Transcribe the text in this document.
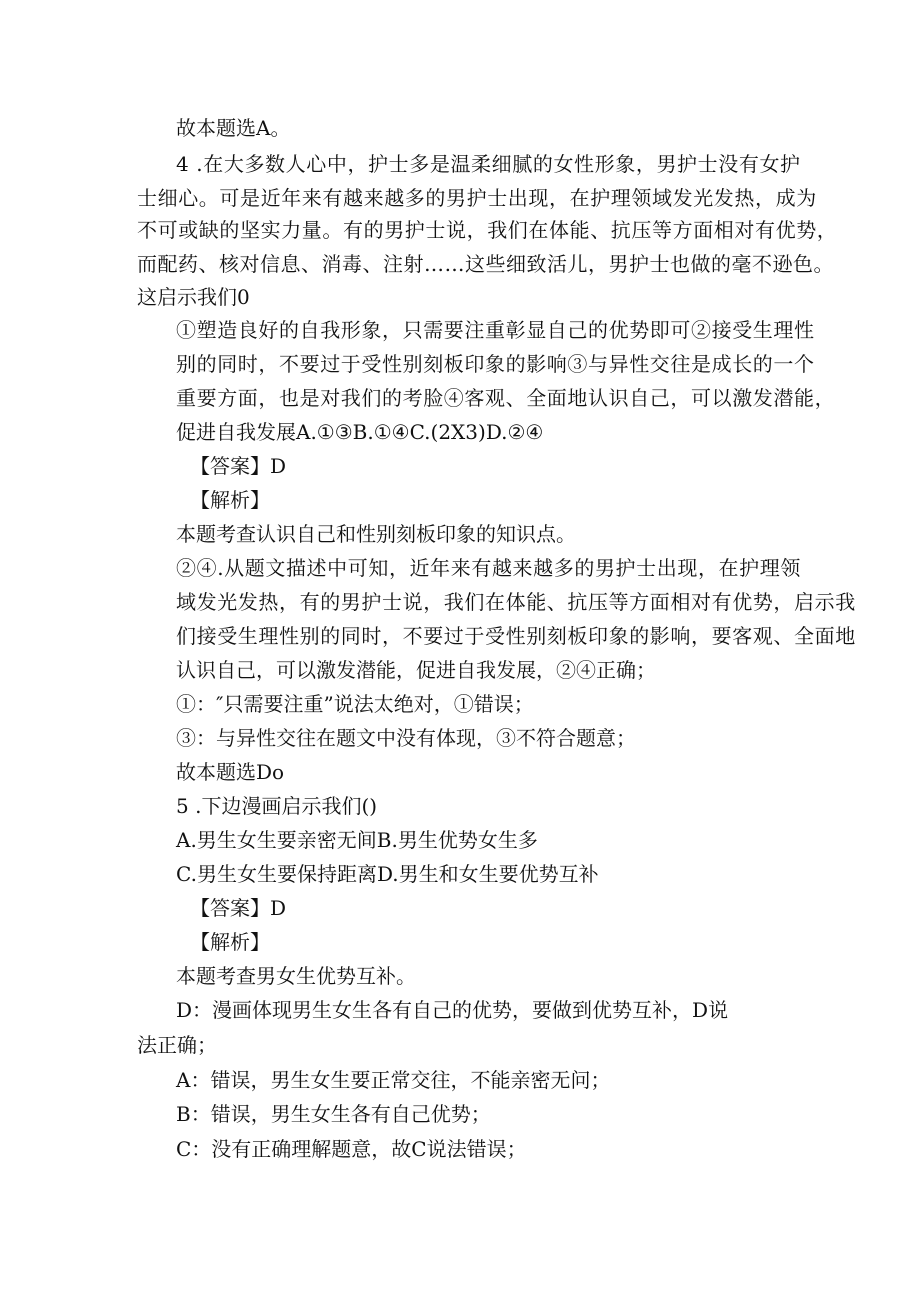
故本题选A。
4 .在大多数人心中，护士多是温柔细腻的女性形象，男护士没有女护
士细心。可是近年来有越来越多的男护士出现，在护理领域发光发热，成为
不可或缺的坚实力量。有的男护士说，我们在体能、抗压等方面相对有优势，
而配药、核对信息、消毒、注射……这些细致活儿，男护士也做的毫不逊色。
这启示我们0
①塑造良好的自我形象，只需要注重彰显自己的优势即可②接受生理性
别的同时，不要过于受性别刻板印象的影响③与异性交往是成长的一个
重要方面，也是对我们的考脸④客观、全面地认识自己，可以激发潜能，
促进自我发展A.①③B.①④C.(2X3)D.②④
【答案】D
【解析】
本题考查认识自己和性别刻板印象的知识点。
②④.从题文描述中可知，近年来有越来越多的男护士出现，在护理领
域发光发热，有的男护士说，我们在体能、抗压等方面相对有优势，启示我
们接受生理性别的同时，不要过于受性别刻板印象的影响，要客观、全面地
认识自己，可以激发潜能，促进自我发展，②④正确；
①：″只需要注重”说法太绝对，①错误；
③：与异性交往在题文中没有体现，③不符合题意；
故本题选Do
5 .下边漫画启示我们()
A.男生女生要亲密无间B.男生优势女生多
C.男生女生要保持距离D.男生和女生要优势互补
【答案】D
【解析】
本题考查男女生优势互补。
D：漫画体现男生女生各有自己的优势，要做到优势互补，D说
法正确；
A：错误，男生女生要正常交往，不能亲密无问；
B：错误，男生女生各有自己优势；
C：没有正确理解题意，故C说法错误；
